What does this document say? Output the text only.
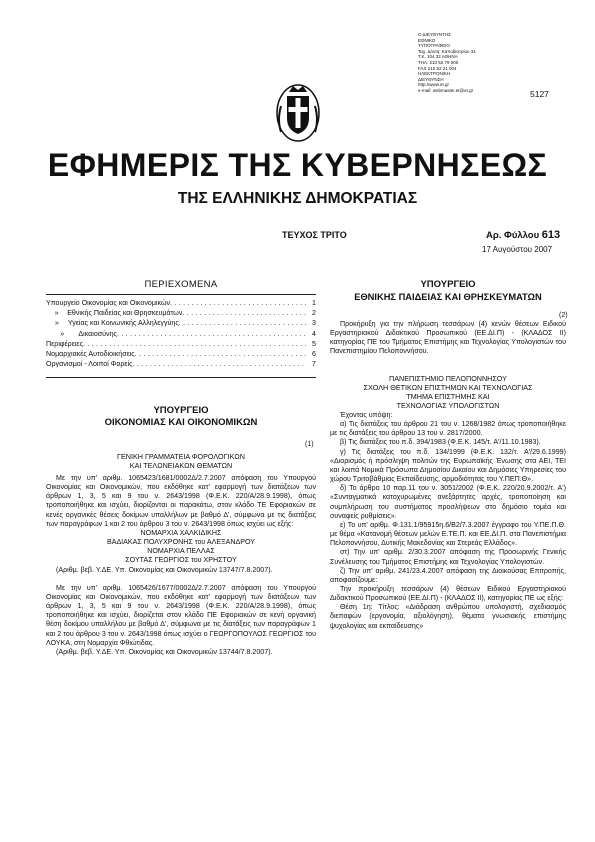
Ο ΔΙΕΥΘΥΝΤΗΣ
ΕΘΝΙΚΟ
ΤΥΠΟΓΡΑΦΕΙΟ
Ταχ. Δ/νση: Καποδιστρίου 34
Τ.Κ. 104 32 ΑΘΗΝΑ
ΤΗΛ. 210 52 79 000
FAX 210 52 21 004
ΗΛΕΚΤΡΟΝΙΚΗ ΔΙΕΥΘΥΝΣΗ
http://www.et.gr
e-mail: webmaster.et@et.gr	5127
ΕΦΗΜΕΡΙΣ ΤΗΣ ΚΥΒΕΡΝΗΣΕΩΣ
ΤΗΣ ΕΛΛΗΝΙΚΗΣ ΔΗΜΟΚΡΑΤΙΑΣ
ΤΕΥΧΟΣ ΤΡΙΤΟ	Αρ. Φύλλου 613
17 Αυγούστου 2007
ΠΕΡΙΕΧΟΜΕΝΑ
Υπουργείο Οικονομίας και Οικονομικών . . .	1
»	Εθνικής Παιδείας και Θρησκευμάτων . . .	2
»	Υγείας και Κοινωνικής Αλληλεγγύης . . .	3
»	Δικαιοσύνης . . .	4
Περιφέρειες . . .	5
Νομαρχιακές Αυτοδιοικήσεις . . .	6
Οργανισμοί - Λοιποί Φορείς . . .	7
ΥΠΟΥΡΓΕΙΟ
ΟΙΚΟΝΟΜΙΑΣ ΚΑΙ ΟΙΚΟΝΟΜΙΚΩΝ
(1)
ΓΕΝΙΚΗ ΓΡΑΜΜΑΤΕΙΑ ΦΟΡΟΛΟΓΙΚΩΝ
ΚΑΙ ΤΕΛΩΝΕΙΑΚΩΝ ΘΕΜΑΤΩΝ

Με την υπ' αριθμ. 1065423/1681/0002Δ/2.7.2007 απόφαση του Υπουργού Οικονομίας και Οικονομικών, που εκδόθηκε κατ' εφαρμογή των διατάξεων των άρθρων 1, 3, 5 και 9 του ν. 2643/1998 (Φ.Ε.Κ. 220/Α/28.9.1998), όπως τροποποιήθηκε και ισχύει, διορίζονται οι παρακάτω, στον κλάδο ΤΕ Εφοριακών σε κενές οργανικές θέσεις δοκίμων υπαλλήλων με βαθμό Δ', σύμφωνα με τις διατάξεις των παραγράφων 1 και 2 του άρθρου 3 του ν. 2643/1998 όπως ισχύει ως εξής:

ΝΟΜΑΡΧΙΑ ΧΑΛΚΙΔΙΚΗΣ
ΒΑΔΙΑΚΑΣ ΠΟΛΥΧΡΟΝΗΣ του ΑΛΕΞΑΝΔΡΟΥ
ΝΟΜΑΡΧΙΑ ΠΕΛΛΑΣ
ΣΟΥΤΑΣ ΓΕΩΡΓΙΟΣ του ΧΡΗΣΤΟΥ

(Αριθμ. βεβ. Υ.ΔΕ. Υπ. Οικονομίας και Οικονομικών 13747/7.8.2007).

Με την υπ' αριθμ. 1065426/1677/0002Δ/2.7.2007 απόφαση του Υπουργού Οικονομίας και Οικονομικών, που εκδόθηκε κατ' εφαρμογή των διατάξεων των άρθρων 1, 3, 5 και 9 του ν. 2643/1998 (Φ.Ε.Κ. 220/Α/28.9.1998), όπως τροποποιήθηκε και ισχύει, διορίζεται στον κλάδο ΠΕ Εφοριακών σε κενή οργανική θέση δοκίμου υπαλλήλου με βαθμό Δ', σύμφωνα με τις διατάξεις των παραγράφων 1 και 2 του άρθρου 3 του ν. 2643/1998 όπως ισχύει ο ΓΕΩΡΓΟΠΟΥΛΟΣ ΓΕΩΡΓΙΟΣ του ΛΟΥΚΑ, στη Νομαρχία Φθιώτιδας.

(Αριθμ. βεβ. Υ.ΔΕ. Υπ. Οικονομίας και Οικονομικών 13744/7.8.2007).

ΥΠΟΥΡΓΕΙΟ
ΕΘΝΙΚΗΣ ΠΑΙΔΕΙΑΣ ΚΑΙ ΘΡΗΣΚΕΥΜΑΤΩΝ
(2)
Προκήρυξη για την πλήρωση τεσσάρων (4) κενών θέσεων Ειδικού Εργαστηριακού Διδακτικού Προσωπικού (ΕΕ.ΔΙ.Π) - (ΚΛΑΔΟΣ ΙΙ) κατηγορίας ΠΕ του Τμήματος Επιστήμης και Τεχνολογίας Υπολογιστών του Πανεπιστημίου Πελοποννήσου.
ΠΑΝΕΠΙΣΤΗΜΙΟ ΠΕΛΟΠΟΝΝΗΣΟΥ
ΣΧΟΛΗ ΘΕΤΙΚΩΝ ΕΠΙΣΤΗΜΩΝ ΚΑΙ ΤΕΧΝΟΛΟΓΙΑΣ
ΤΜΗΜΑ ΕΠΙΣΤΗΜΗΣ ΚΑΙ
ΤΕΧΝΟΛΟΓΙΑΣ ΥΠΟΛΟΓΙΣΤΩΝ

Έχοντας υπόψη:

α) Τις διατάξεις του άρθρου 21 του ν. 1268/1982 όπως τροποποιήθηκε με τις διατάξεις του άρθρου 13 του ν. 2817/2000.

β) Τις διατάξεις του π.δ. 394/1983 (Φ.Ε.Κ. 145/τ. Α'/11.10.1983).

γ) Τις διατάξεις του π.δ. 134/1999 (Φ.Ε.Κ. 132/τ. Α'/29.6.1999) «Διορισμός ή πρόσληψη πολιτών της Ευρωπαϊκής Ένωσης στα ΑΕΙ, ΤΕΙ και λοιπά Νομικά Πρόσωπα Δημοσίου Δικαίου και Δημόσιες Υπηρεσίες του χώρου Τριτοβάθμιας Εκπαίδευσης, αρμοδιότητας του Υ.ΠΕΠ.Θ».

δ) Το άρθρο 10 παρ.11 του ν. 3051/2002 (Φ.Ε.Κ. 220/20.9.2002/τ. Α') «Συνταγματικά κατοχυρωμένες ανεξάρτητες αρχές, τροποποίηση και συμπλήρωση του συστήματος προσλήψεων στο δημόσιο τομέα και συναφείς ρυθμίσεις».

ε) Το υπ' αριθμ. Φ.131.1/95915η.6/Β2/7.3.2007 έγγραφο του Υ.ΠΕ.Π.Θ. με θέμα «Κατανομή θέσεων μελών Ε.ΤΕ.Π. και ΕΕ.ΔΙ.Π. στα Πανεπιστήμια Πελοποννήσου, Δυτικής Μακεδονίας και Στερεάς Ελλάδος».

στ) Την υπ' αριθμ. 2/30.3.2007 απόφαση της Προσωρινής Γενικής Συνέλευσης του Τμήματος Επιστήμης και Τεχνολογίας Υπολογιστών.

ζ) Την υπ' αριθμ. 241/23.4.2007 απόφαση της Διοικούσας Επιτροπής, αποφασίζουμε:

Την προκήρυξη τεσσάρων (4) θέσεων Ειδικού Εργαστηριακού Διδακτικού Προσωπικού (ΕΕ.ΔΙ.Π) - (ΚΛΑΔΟΣ ΙΙ), κατηγορίας ΠΕ ως εξής:

Θέση 1η: Τίτλος: «Διάδραση ανθρώπου υπολογιστή, σχεδιασμός διεπαφών (εργονομία, αξιολόγηση), θέματα γνωσιακής επιστήμης ψυχολογίας και εκπαίδευσης»
